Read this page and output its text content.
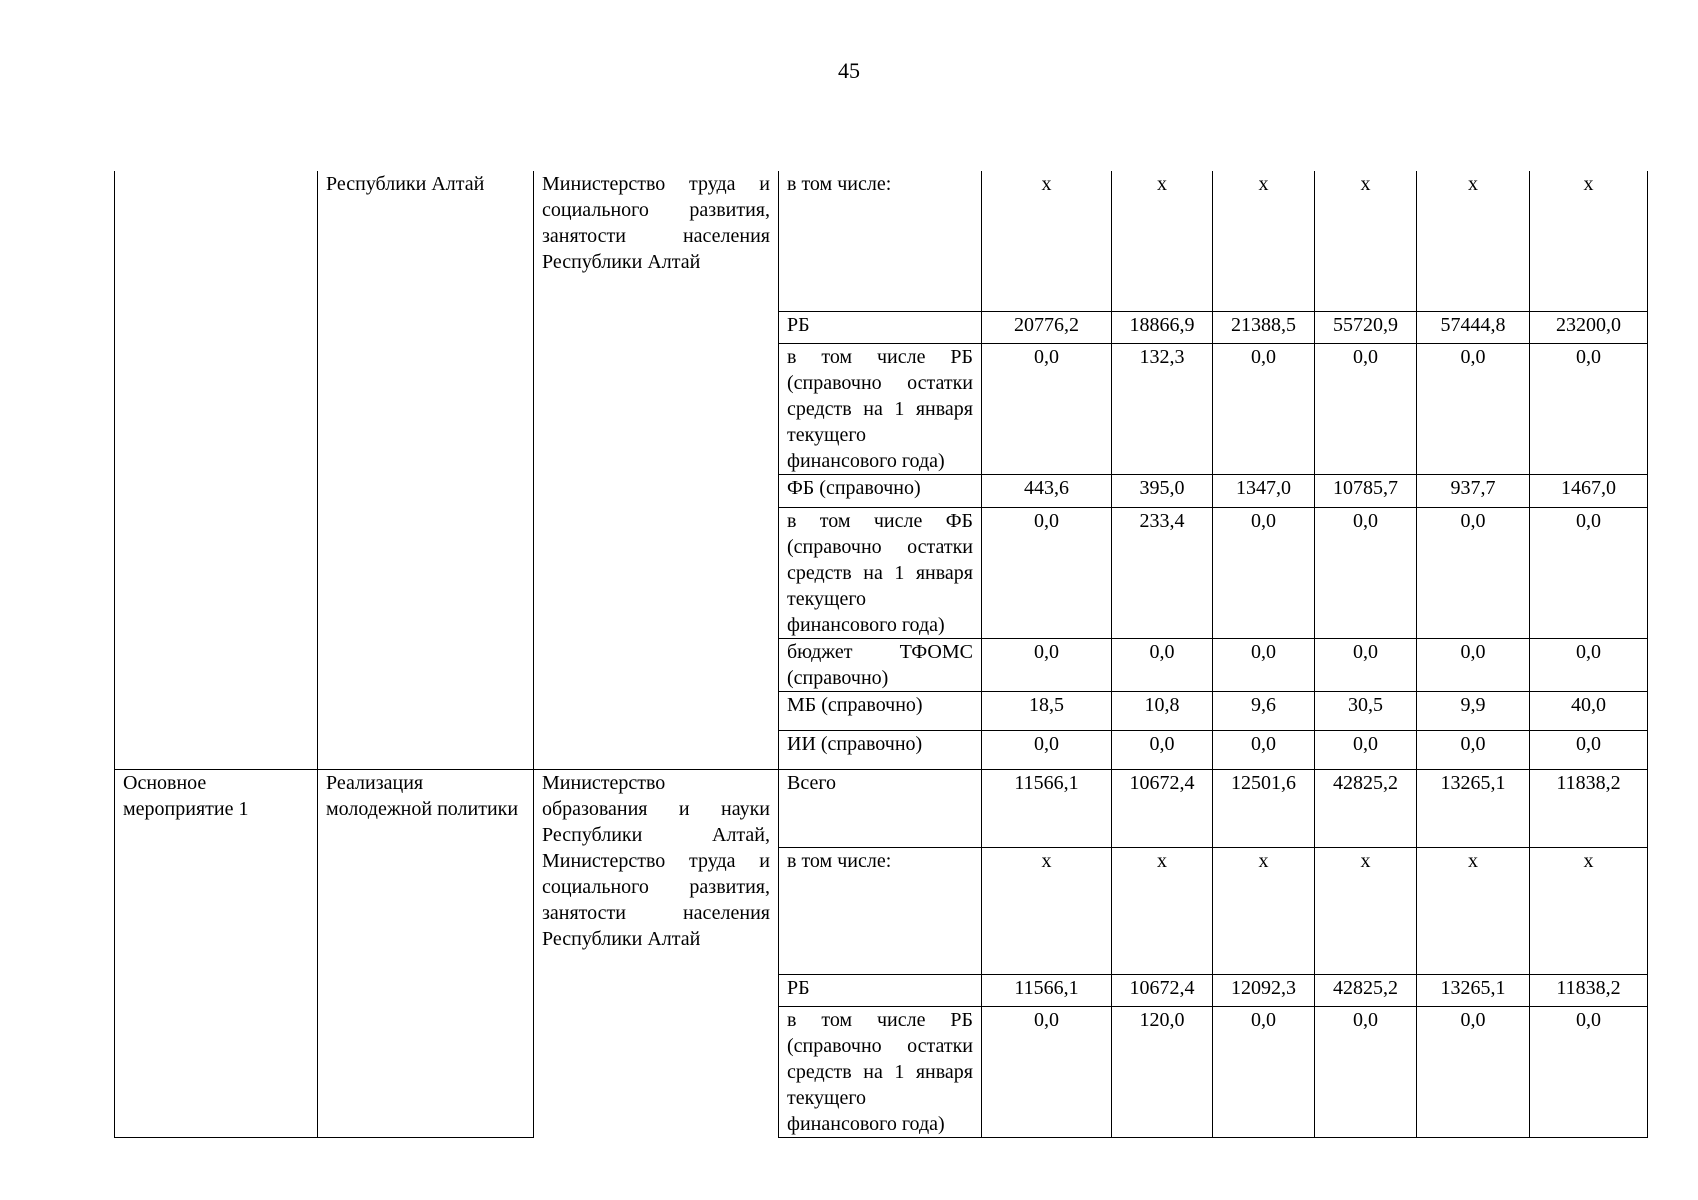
45
	Республики Алтай	Министерство труда и социального развития, занятости населения Республики Алтай	в том числе:	x	x	x	x	x	x
			РБ	20776,2	18866,9	21388,5	55720,9	57444,8	23200,0
			в том числе РБ (справочно остатки средств на 1 января текущего финансового года)	0,0	132,3	0,0	0,0	0,0	0,0
			ФБ (справочно)	443,6	395,0	1347,0	10785,7	937,7	1467,0
			в том числе ФБ (справочно остатки средств на 1 января текущего финансового года)	0,0	233,4	0,0	0,0	0,0	0,0
			бюджет ТФОМС (справочно)	0,0	0,0	0,0	0,0	0,0	0,0
			МБ (справочно)	18,5	10,8	9,6	30,5	9,9	40,0
			ИИ (справочно)	0,0	0,0	0,0	0,0	0,0	0,0
Основное мероприятие 1	Реализация молодежной политики	Министерство образования и науки Республики Алтай, Министерство труда и социального развития, занятости населения Республики Алтай	Всего	11566,1	10672,4	12501,6	42825,2	13265,1	11838,2
			в том числе:	x	x	x	x	x	x
			РБ	11566,1	10672,4	12092,3	42825,2	13265,1	11838,2
			в том числе РБ (справочно остатки средств на 1 января текущего финансового года)	0,0	120,0	0,0	0,0	0,0	0,0
